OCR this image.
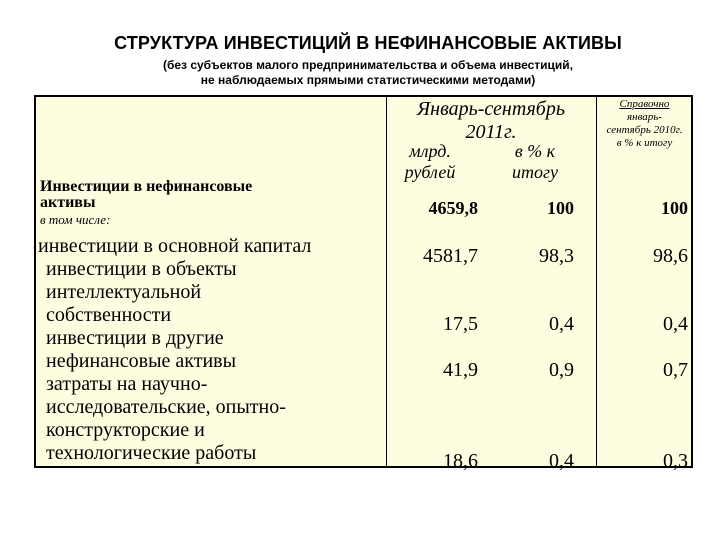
СТРУКТУРА ИНВЕСТИЦИЙ В НЕФИНАНСОВЫЕ АКТИВЫ
(без субъектов малого предпринимательства и объема инвестиций,
не наблюдаемых прямыми статистическими методами)
Январь-сентябрь
2011г.
млрд.
рублей
в % к
итогу
Справочно
январь-
сентябрь 2010г.
в % к итогу
Инвестиции в нефинансовые
активы	4659,8	100	100
в том числе:
инвестиции в основной капитал	4581,7	98,3	98,6
инвестиции в объекты
интеллектуальной
собственности	17,5	0,4	0,4
инвестиции в другие
нефинансовые активы	41,9	0,9	0,7
затраты на научно-
исследовательские, опытно-
конструкторские и
технологические работы	18,6	0,4	0,3
